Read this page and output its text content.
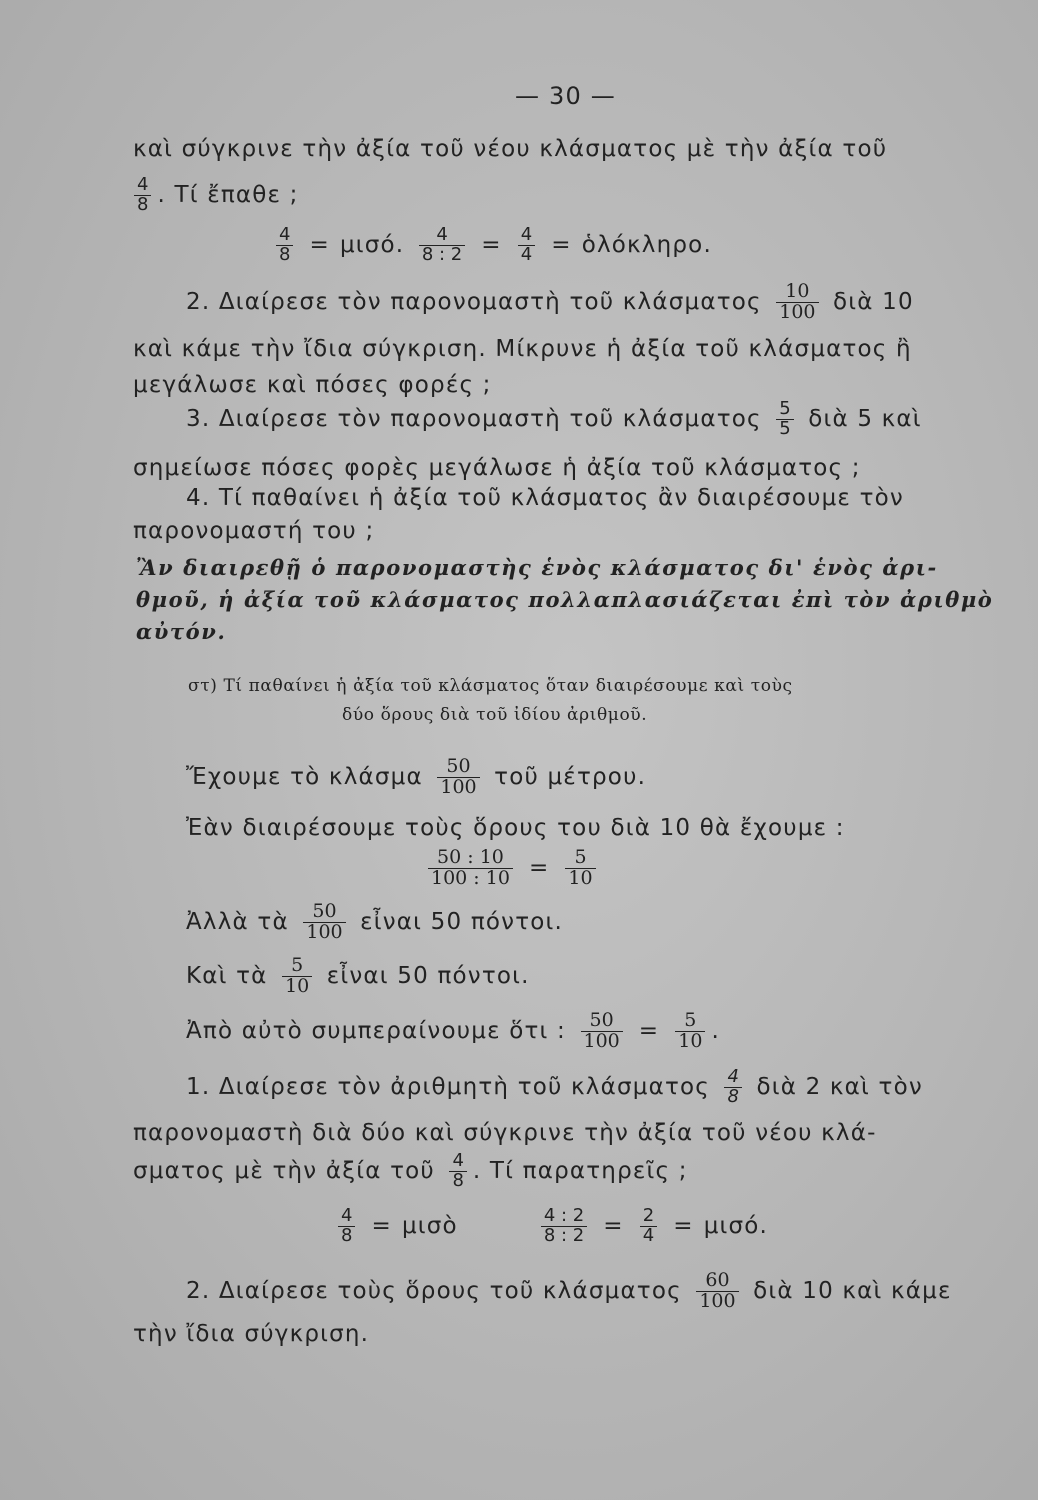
— 30 —
καὶ σύγκρινε τὴν ἀξία τοῦ νέου κλάσματος μὲ τὴν ἀξία τοῦ
$\frac{4}{8}$ . Τί ἔπαθε ;
$\frac{4}{8} = \mu\iota\sigma ό$. $\frac{4}{8 : 2} = \frac{4}{4}$ = ὁλόκληρο.
2. Διαίρεσε τὸν παρονομαστὴ τοῦ κλάσματος $\frac{10}{100}$ διὰ 10
καὶ κάμε τὴν ἴδια σύγκριση. Μίκρυνε ἡ ἀξία τοῦ κλάσματος ἢ
μεγάλωσε καὶ πόσες φορές ;
3. Διαίρεσε τὸν παρονομαστὴ τοῦ κλάσματος $\frac{5}{5}$ διὰ 5 καὶ
σημείωσε πόσες φορὲς μεγάλωσε ἡ ἀξία τοῦ κλάσματος ;
4. Τί παθαίνει ἡ ἀξία τοῦ κλάσματος ἂν διαιρέσουμε τὸν
παρονομαστή του ;
Ἂν διαιρεθῇ ὁ παρονομαστὴς ἑνὸς κλάσματος δι' ἑνὸς ἀρι-
θμοῦ, ἡ ἀξία τοῦ κλάσματος πολλαπλασιάζεται ἐπὶ τὸν ἀριθμὸ
αὐτόν.
στ) Τί παθαίνει ἡ ἀξία τοῦ κλάσματος ὅταν διαιρέσουμε καὶ τοὺς
δύο ὅρους διὰ τοῦ ἰδίου ἀριθμοῦ.
Ἔχουμε τὸ κλάσμα $\frac{50}{100}$ τοῦ μέτρου.
Ἐὰν διαιρέσουμε τοὺς ὅρους του διὰ 10 θὰ ἔχουμε :
$\frac{50 : 10}{100 : 10} = \frac{5}{10}$
Ἀλλὰ τὰ $\frac{50}{100}$ εἶναι 50 πόντοι.
Καὶ τὰ $\frac{5}{10}$ εἶναι 50 πόντοι.
Ἀπὸ αὐτὸ συμπεραίνουμε ὅτι : $\frac{50}{100} = \frac{5}{10}$ .
1. Διαίρεσε τὸν ἀριθμητὴ τοῦ κλάσματος $\frac{4}{8}$ διὰ 2 καὶ τὸν
παρονομαστὴ διὰ δύο καὶ σύγκρινε τὴν ἀξία τοῦ νέου κλά-
σματος μὲ τὴν ἀξία τοῦ $\frac{4}{8}$ . Τί παρατηρεῖς ;
$\frac{4}{8}$ = μισὸ	$\frac{4 : 2}{8 : 2} = \frac{2}{4} = \mu\iota\sigma ό$.
2. Διαίρεσε τοὺς ὅρους τοῦ κλάσματος $\frac{60}{100}$ διὰ 10 καὶ κάμε
τὴν ἴδια σύγκριση.
